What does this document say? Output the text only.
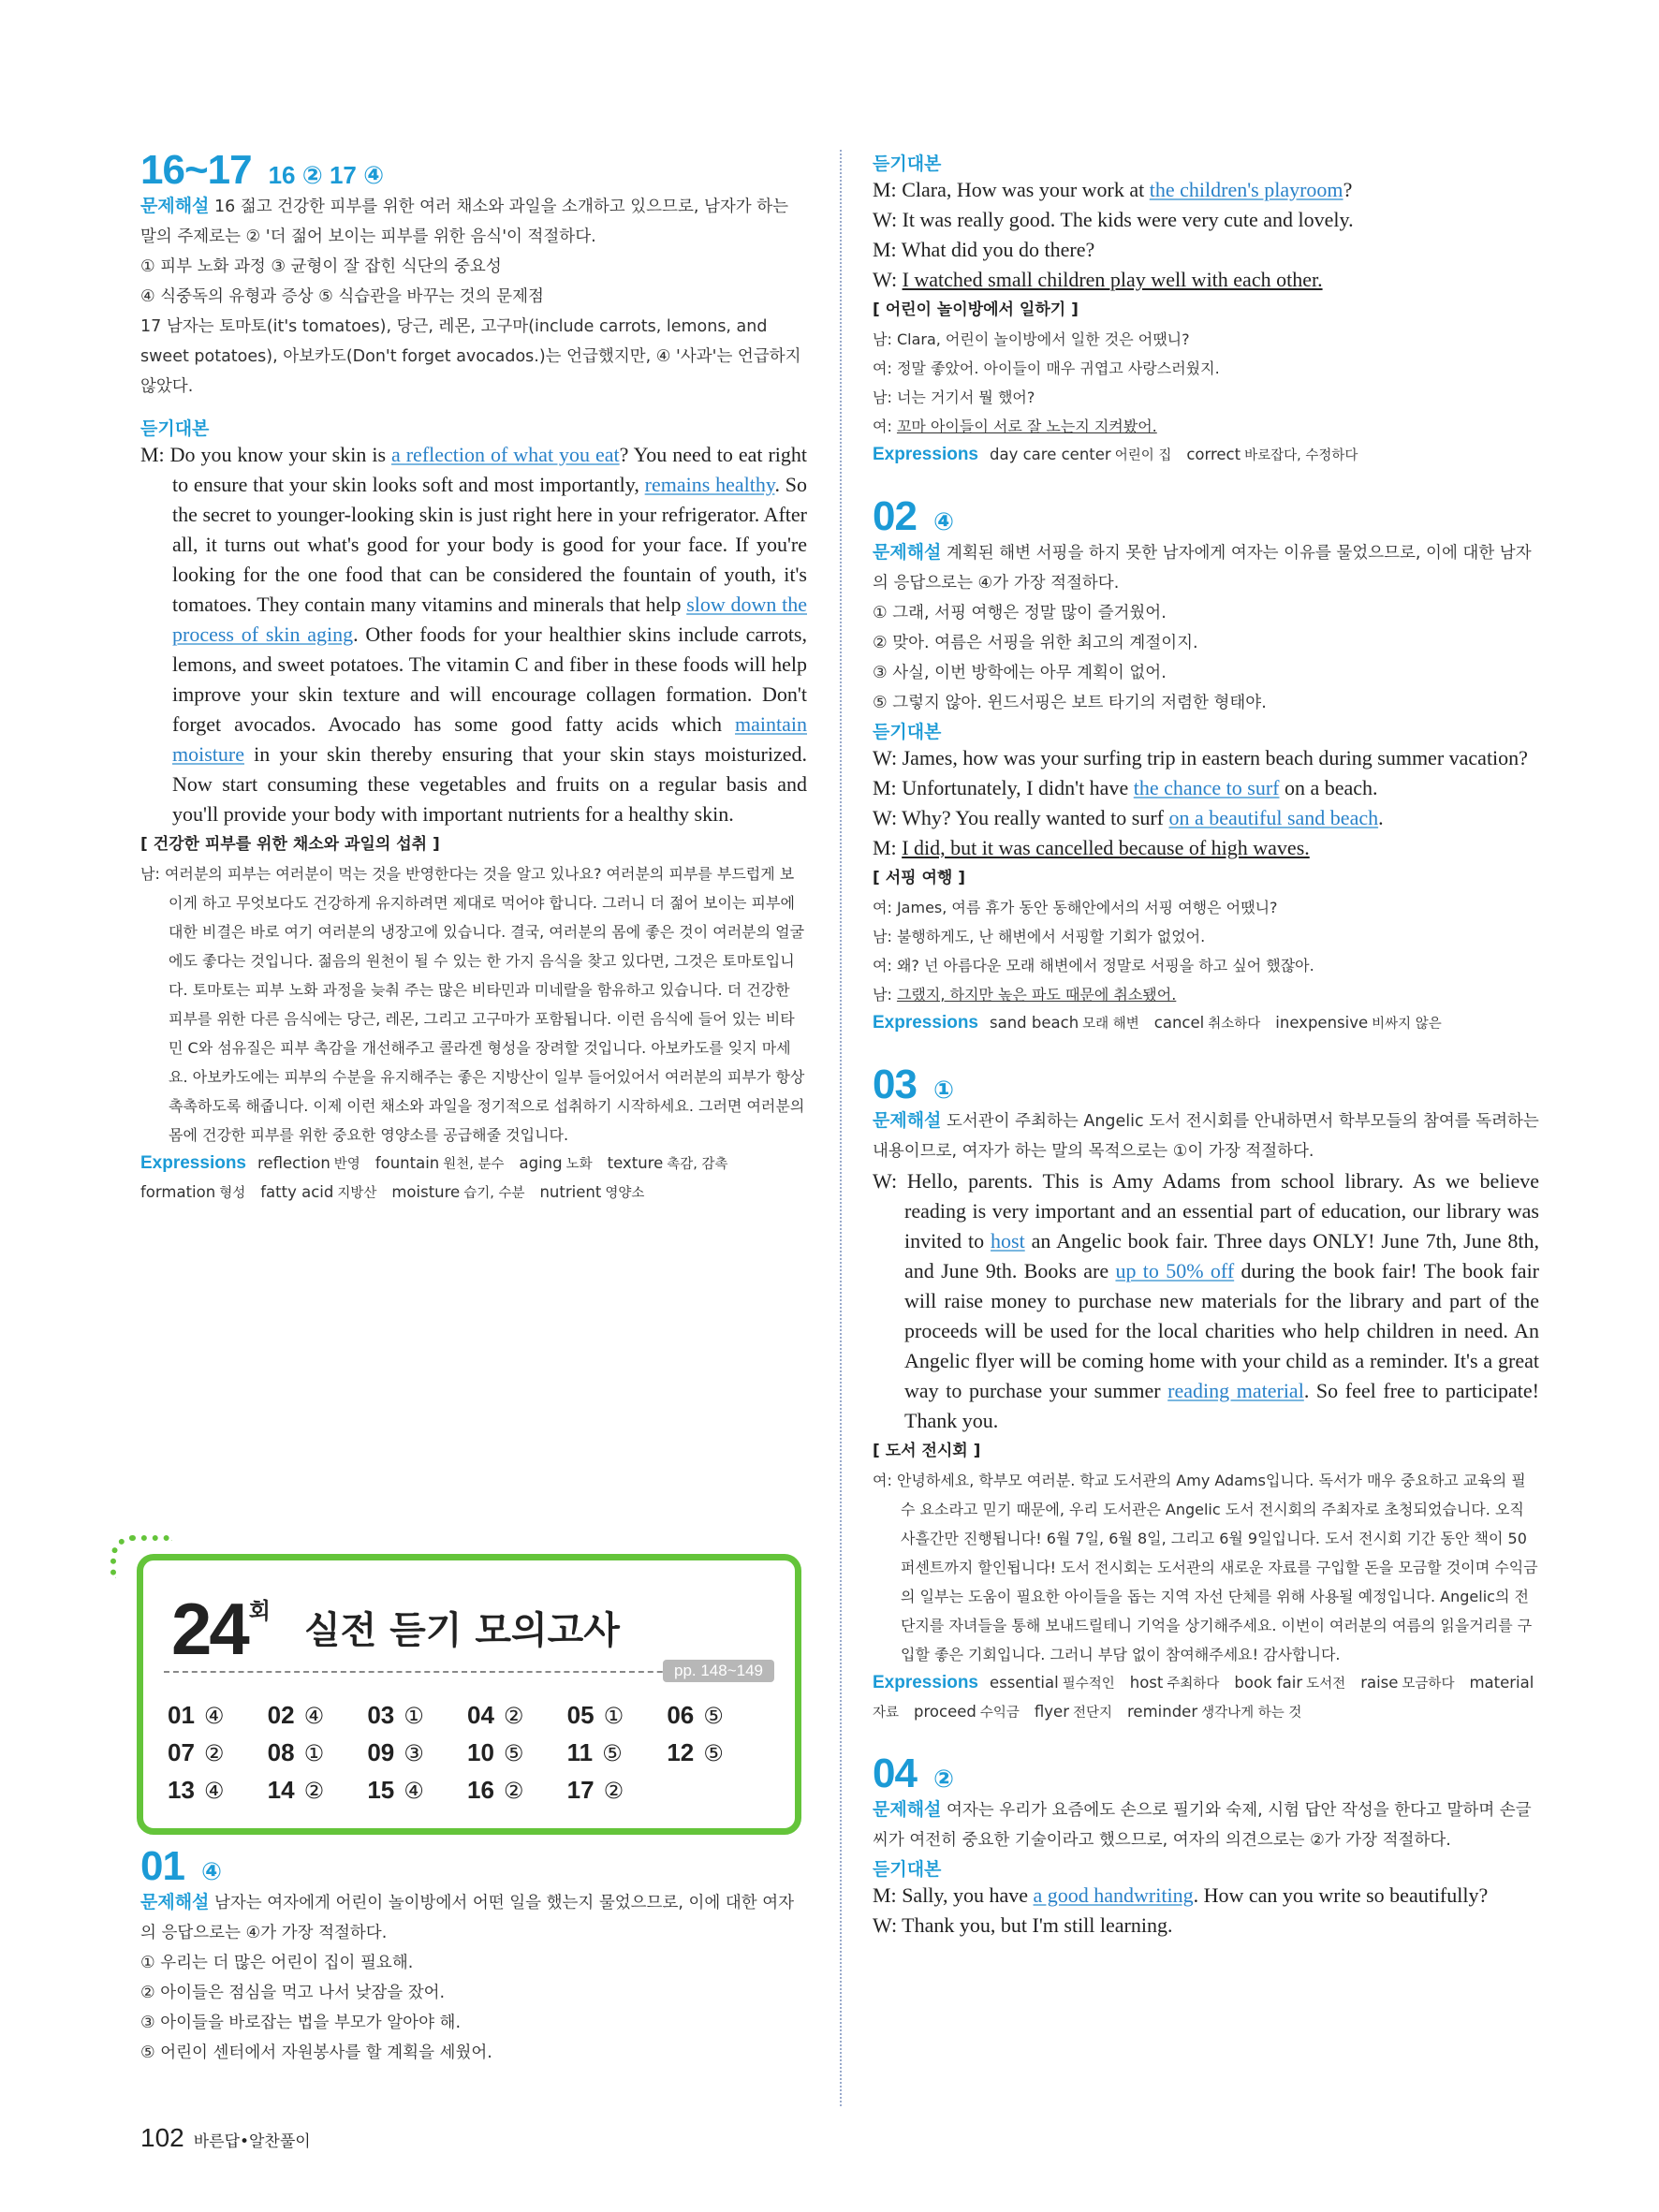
16~17 16 ② 17 ④

문제해설 16 젊고 건강한 피부를 위한 여러 채소와 과일을 소개하고 있으므로, 남자가 하는 말의 주제로는 ② '더 젊어 보이는 피부를 위한 음식'이 적절하다.

① 피부 노화 과정 ③ 균형이 잘 잡힌 식단의 중요성

④ 식중독의 유형과 증상 ⑤ 식습관을 바꾸는 것의 문제점

17 남자는 토마토(it's tomatoes), 당근, 레몬, 고구마(include carrots, lemons, and sweet potatoes), 아보카도(Don't forget avocados.)는 언급했지만, ④ '사과'는 언급하지 않았다.

듣기대본

M: Do you know your skin is a reflection of what you eat? You need to eat right to ensure that your skin looks soft and most importantly, remains healthy. So the secret to younger-looking skin is just right here in your refrigerator. After all, it turns out what's good for your body is good for your face. If you're looking for the one food that can be considered the fountain of youth, it's tomatoes. They contain many vitamins and minerals that help slow down the process of skin aging. Other foods for your healthier skins include carrots, lemons, and sweet potatoes. The vitamin C and fiber in these foods will help improve your skin texture and will encourage collagen formation. Don't forget avocados. Avocado has some good fatty acids which maintain moisture in your skin thereby ensuring that your skin stays moisturized. Now start consuming these vegetables and fruits on a regular basis and you'll provide your body with important nutrients for a healthy skin.

[ 건강한 피부를 위한 채소와 과일의 섭취 ]

남: 여러분의 피부는 여러분이 먹는 것을 반영한다는 것을 알고 있나요? 여러분의 피부를 부드럽게 보이게 하고 무엇보다도 건강하게 유지하려면 제대로 먹어야 합니다. 그러니 더 젊어 보이는 피부에 대한 비결은 바로 여기 여러분의 냉장고에 있습니다. 결국, 여러분의 몸에 좋은 것이 여러분의 얼굴에도 좋다는 것입니다. 젊음의 원천이 될 수 있는 한 가지 음식을 찾고 있다면, 그것은 토마토입니다. 토마토는 피부 노화 과정을 늦춰 주는 많은 비타민과 미네랄을 함유하고 있습니다. 더 건강한 피부를 위한 다른 음식에는 당근, 레몬, 그리고 고구마가 포함됩니다. 이런 음식에 들어 있는 비타민 C와 섬유질은 피부 촉감을 개선해주고 콜라겐 형성을 장려할 것입니다. 아보카도를 잊지 마세요. 아보카도에는 피부의 수분을 유지해주는 좋은 지방산이 일부 들어있어서 여러분의 피부가 항상 촉촉하도록 해줍니다. 이제 이런 채소와 과일을 정기적으로 섭취하기 시작하세요. 그러면 여러분의 몸에 건강한 피부를 위한 중요한 영양소를 공급해줄 것입니다.

Expressions reflection 반영 fountain 원천, 분수 aging 노화 texture 촉감, 감촉formation 형성 fatty acid 지방산 moisture 습기, 수분 nutrient 영양소
24회 실전 듣기 모의고사
pp. 148~149
01 ④	02 ④	03 ①	04 ②	05 ①	06 ⑤
07 ②	08 ①	09 ③	10 ⑤	11 ⑤	12 ⑤
13 ④	14 ②	15 ④	16 ②	17 ②
01 ④

문제해설 남자는 여자에게 어린이 놀이방에서 어떤 일을 했는지 물었으므로, 이에 대한 여자의 응답으로는 ④가 가장 적절하다.

① 우리는 더 많은 어린이 집이 필요해.

② 아이들은 점심을 먹고 나서 낮잠을 잤어.

③ 아이들을 바로잡는 법을 부모가 알아야 해.

⑤ 어린이 센터에서 자원봉사를 할 계획을 세웠어.

듣기대본

M: Clara, How was your work at the children's playroom?

W: It was really good. The kids were very cute and lovely.

M: What did you do there?

W: I watched small children play well with each other.

[ 어린이 놀이방에서 일하기 ]

남: Clara, 어린이 놀이방에서 일한 것은 어땠니?

여: 정말 좋았어. 아이들이 매우 귀엽고 사랑스러웠지.

남: 너는 거기서 뭘 했어?

여: 꼬마 아이들이 서로 잘 노는지 지켜봤어.

Expressions day care center 어린이 집 correct 바로잡다, 수정하다
02 ④

문제해설 계획된 해변 서핑을 하지 못한 남자에게 여자는 이유를 물었으므로, 이에 대한 남자의 응답으로는 ④가 가장 적절하다.

① 그래, 서핑 여행은 정말 많이 즐거웠어.

② 맞아. 여름은 서핑을 위한 최고의 계절이지.

③ 사실, 이번 방학에는 아무 계획이 없어.

⑤ 그렇지 않아. 윈드서핑은 보트 타기의 저렴한 형태야.

듣기대본

W: James, how was your surfing trip in eastern beach during summer vacation?

M: Unfortunately, I didn't have the chance to surf on a beach.

W: Why? You really wanted to surf on a beautiful sand beach.

M: I did, but it was cancelled because of high waves.

[ 서핑 여행 ]

여: James, 여름 휴가 동안 동해안에서의 서핑 여행은 어땠니?

남: 불행하게도, 난 해변에서 서핑할 기회가 없었어.

여: 왜? 넌 아름다운 모래 해변에서 정말로 서핑을 하고 싶어 했잖아.

남: 그랬지, 하지만 높은 파도 때문에 취소됐어.

Expressions sand beach 모래 해변 cancel 취소하다 inexpensive 비싸지 않은
03 ①

문제해설 도서관이 주최하는 Angelic 도서 전시회를 안내하면서 학부모들의 참여를 독려하는 내용이므로, 여자가 하는 말의 목적으로는 ①이 가장 적절하다.

W: Hello, parents. This is Amy Adams from school library. As we believe reading is very important and an essential part of education, our library was invited to host an Angelic book fair. Three days ONLY! June 7th, June 8th, and June 9th. Books are up to 50% off during the book fair! The book fair will raise money to purchase new materials for the library and part of the proceeds will be used for the local charities who help children in need. An Angelic flyer will be coming home with your child as a reminder. It's a great way to purchase your summer reading material. So feel free to participate! Thank you.

[ 도서 전시회 ]

여: 안녕하세요, 학부모 여러분. 학교 도서관의 Amy Adams입니다. 독서가 매우 중요하고 교육의 필수 요소라고 믿기 때문에, 우리 도서관은 Angelic 도서 전시회의 주최자로 초청되었습니다. 오직 사흘간만 진행됩니다! 6월 7일, 6월 8일, 그리고 6월 9일입니다. 도서 전시회 기간 동안 책이 50퍼센트까지 할인됩니다! 도서 전시회는 도서관의 새로운 자료를 구입할 돈을 모금할 것이며 수익금의 일부는 도움이 필요한 아이들을 돕는 지역 자선 단체를 위해 사용될 예정입니다. Angelic의 전단지를 자녀들을 통해 보내드릴테니 기억을 상기해주세요. 이번이 여러분의 여름의 읽을거리를 구입할 좋은 기회입니다. 그러니 부담 없이 참여해주세요! 감사합니다.

Expressions essential 필수적인 host 주최하다 book fair 도서전 raise 모금하다 material자료 proceed 수익금 flyer 전단지 reminder 생각나게 하는 것
04 ②

문제해설 여자는 우리가 요즘에도 손으로 필기와 숙제, 시험 답안 작성을 한다고 말하며 손글씨가 여전히 중요한 기술이라고 했으므로, 여자의 의견으로는 ②가 가장 적절하다.

듣기대본

M: Sally, you have a good handwriting. How can you write so beautifully?

W: Thank you, but I'm still learning.

102 바른답•알찬풀이
